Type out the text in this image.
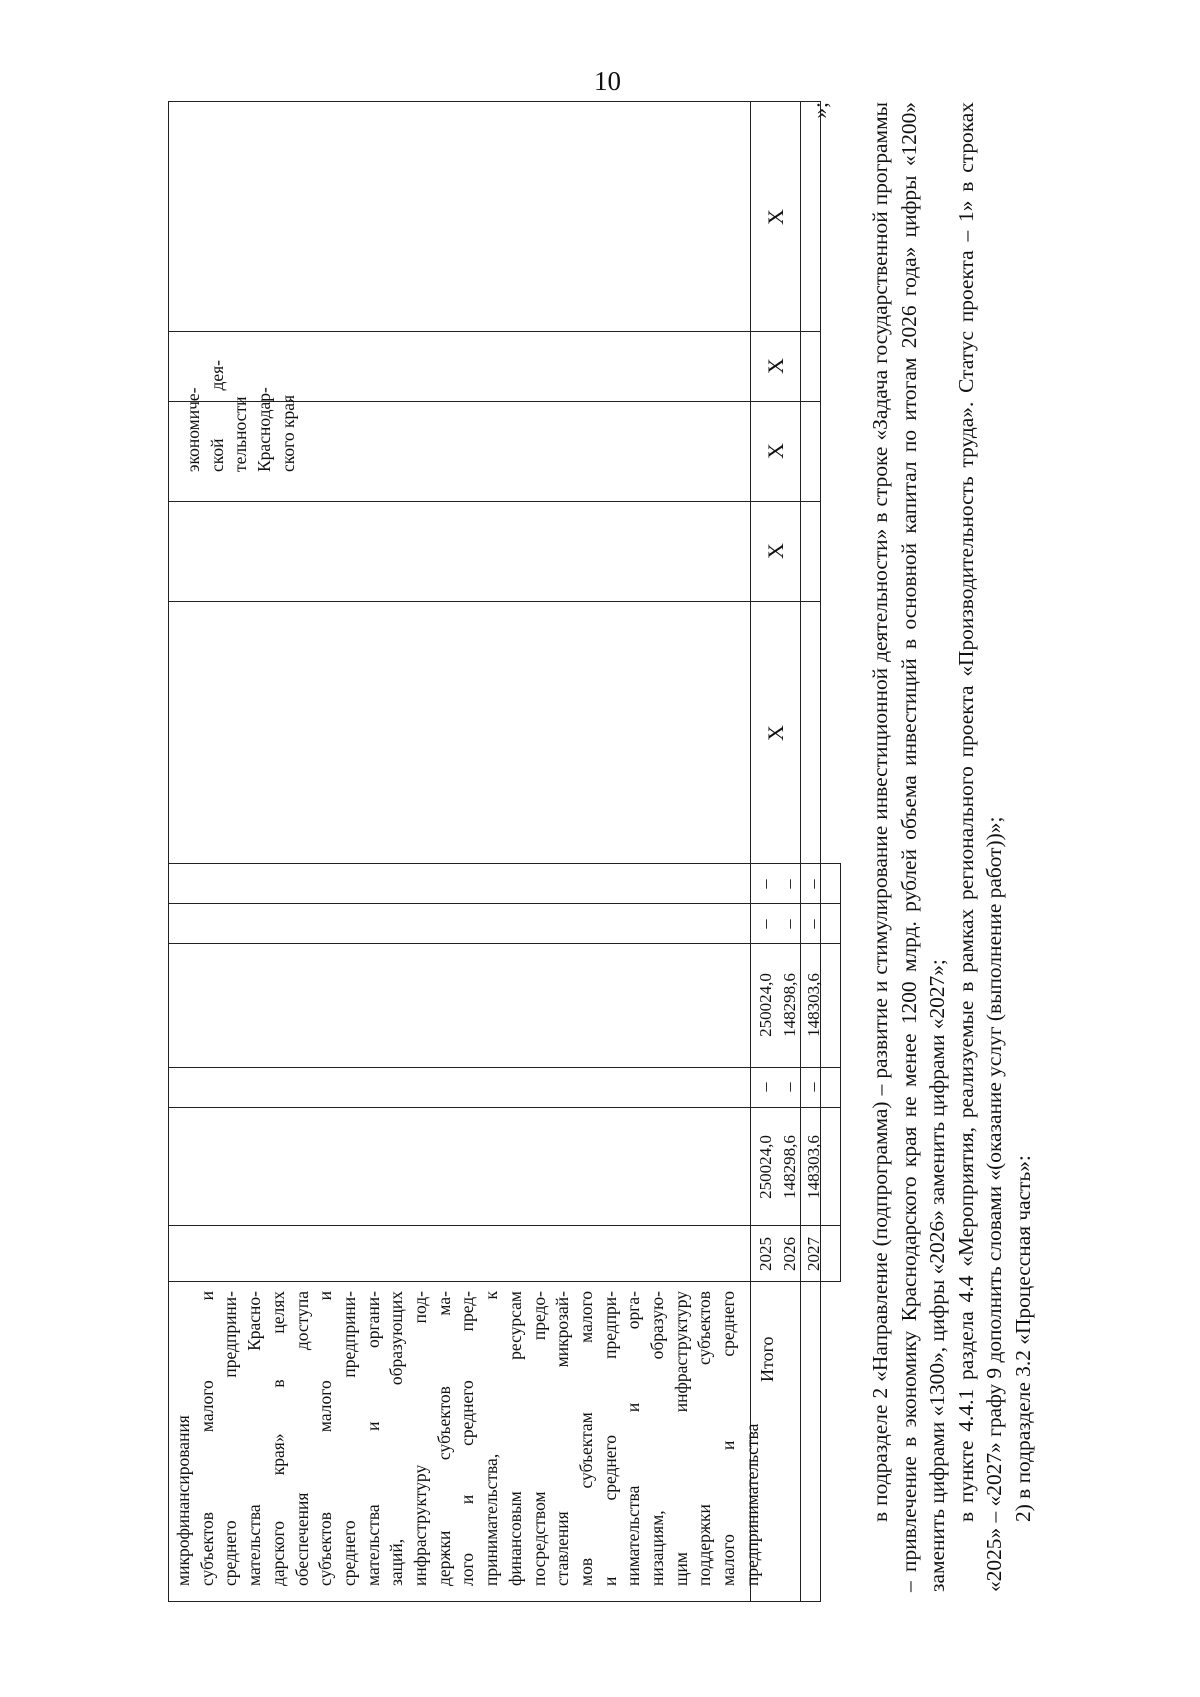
10
микрофинансирования субъектов малого и среднего предприни- мательства Красно- дарского края» в целях обеспечения доступа субъектов малого и среднего предприни- мательства и органи- заций, образующих инфраструктуру под- держки субъектов ма- лого и среднего пред- принимательства, к финансовым ресурсам посредством предо- ставления микрозай- мов субъектам малого и среднего предпри- нимательства и орга- низациям, образую- щим инфраструктуру поддержки субъектов малого и среднего предпринимательства
экономиче- ской дея- тельности Краснодар- ского края
Итого
2025 2026 2027
250024,0 148298,6 148303,6
– – –
250024,0 148298,6 148303,6
– – –
– – –
Х
Х
Х
Х
Х
»; в подразделе 2 «Направление (подпрограмма) – развитие и стимулирование инвестиционной деятельности» в строке «Задача государственной программы – привлечение в экономику Краснодарского края не менее 1200 млрд. рублей объема инвестиций в основной капитал по итогам 2026 года» цифры «1200» заменить цифрами «1300», цифры «2026» заменить цифрами «2027»; в пункте 4.4.1 раздела 4.4 «Мероприятия, реализуемые в рамках регионального проекта «Производительность труда». Статус проекта – 1» в строках «2025» – «2027» графу 9 дополнить словами «(оказание услуг (выполнение работ))»; 2) в подразделе 3.2 «Процессная часть»:
